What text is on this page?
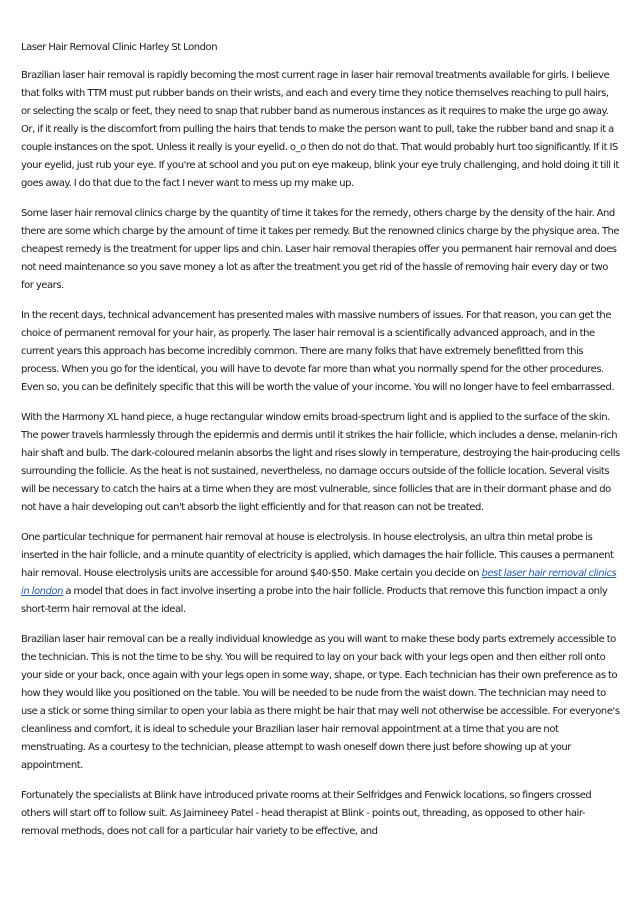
Laser Hair Removal Clinic Harley St London

Brazilian laser hair removal is rapidly becoming the most current rage in laser hair removal treatments available for girls. I believe that folks with TTM must put rubber bands on their wrists, and each and every time they notice themselves reaching to pull hairs, or selecting the scalp or feet, they need to snap that rubber band as numerous instances as it requires to make the urge go away. Or, if it really is the discomfort from pulling the hairs that tends to make the person want to pull, take the rubber band and snap it a couple instances on the spot. Unless it really is your eyelid. o_o then do not do that. That would probably hurt too significantly. If it IS your eyelid, just rub your eye. If you're at school and you put on eye makeup, blink your eye truly challenging, and hold doing it till it goes away. I do that due to the fact I never want to mess up my make up.

Some laser hair removal clinics charge by the quantity of time it takes for the remedy, others charge by the density of the hair. And there are some which charge by the amount of time it takes per remedy. But the renowned clinics charge by the physique area. The cheapest remedy is the treatment for upper lips and chin. Laser hair removal therapies offer you permanent hair removal and does not need maintenance so you save money a lot as after the treatment you get rid of the hassle of removing hair every day or two for years.

In the recent days, technical advancement has presented males with massive numbers of issues. For that reason, you can get the choice of permanent removal for your hair, as properly. The laser hair removal is a scientifically advanced approach, and in the current years this approach has become incredibly common. There are many folks that have extremely benefitted from this process. When you go for the identical, you will have to devote far more than what you normally spend for the other procedures. Even so, you can be definitely specific that this will be worth the value of your income. You will no longer have to feel embarrassed.

With the Harmony XL hand piece, a huge rectangular window emits broad-spectrum light and is applied to the surface of the skin. The power travels harmlessly through the epidermis and dermis until it strikes the hair follicle, which includes a dense, melanin-rich hair shaft and bulb. The dark-coloured melanin absorbs the light and rises slowly in temperature, destroying the hair-producing cells surrounding the follicle. As the heat is not sustained, nevertheless, no damage occurs outside of the follicle location. Several visits will be necessary to catch the hairs at a time when they are most vulnerable, since follicles that are in their dormant phase and do not have a hair developing out can't absorb the light efficiently and for that reason can not be treated.

One particular technique for permanent hair removal at house is electrolysis. In house electrolysis, an ultra thin metal probe is inserted in the hair follicle, and a minute quantity of electricity is applied, which damages the hair follicle. This causes a permanent hair removal. House electrolysis units are accessible for around $40-$50. Make certain you decide on best laser hair removal clinics in london a model that does in fact involve inserting a probe into the hair follicle. Products that remove this function impact a only short-term hair removal at the ideal.

Brazilian laser hair removal can be a really individual knowledge as you will want to make these body parts extremely accessible to the technician. This is not the time to be shy. You will be required to lay on your back with your legs open and then either roll onto your side or your back, once again with your legs open in some way, shape, or type. Each technician has their own preference as to how they would like you positioned on the table. You will be needed to be nude from the waist down. The technician may need to use a stick or some thing similar to open your labia as there might be hair that may well not otherwise be accessible. For everyone's cleanliness and comfort, it is ideal to schedule your Brazilian laser hair removal appointment at a time that you are not menstruating. As a courtesy to the technician, please attempt to wash oneself down there just before showing up at your appointment.

Fortunately the specialists at Blink have introduced private rooms at their Selfridges and Fenwick locations, so fingers crossed others will start off to follow suit. As Jaimineey Patel - head therapist at Blink - points out, threading, as opposed to other hair-removal methods, does not call for a particular hair variety to be effective, and
